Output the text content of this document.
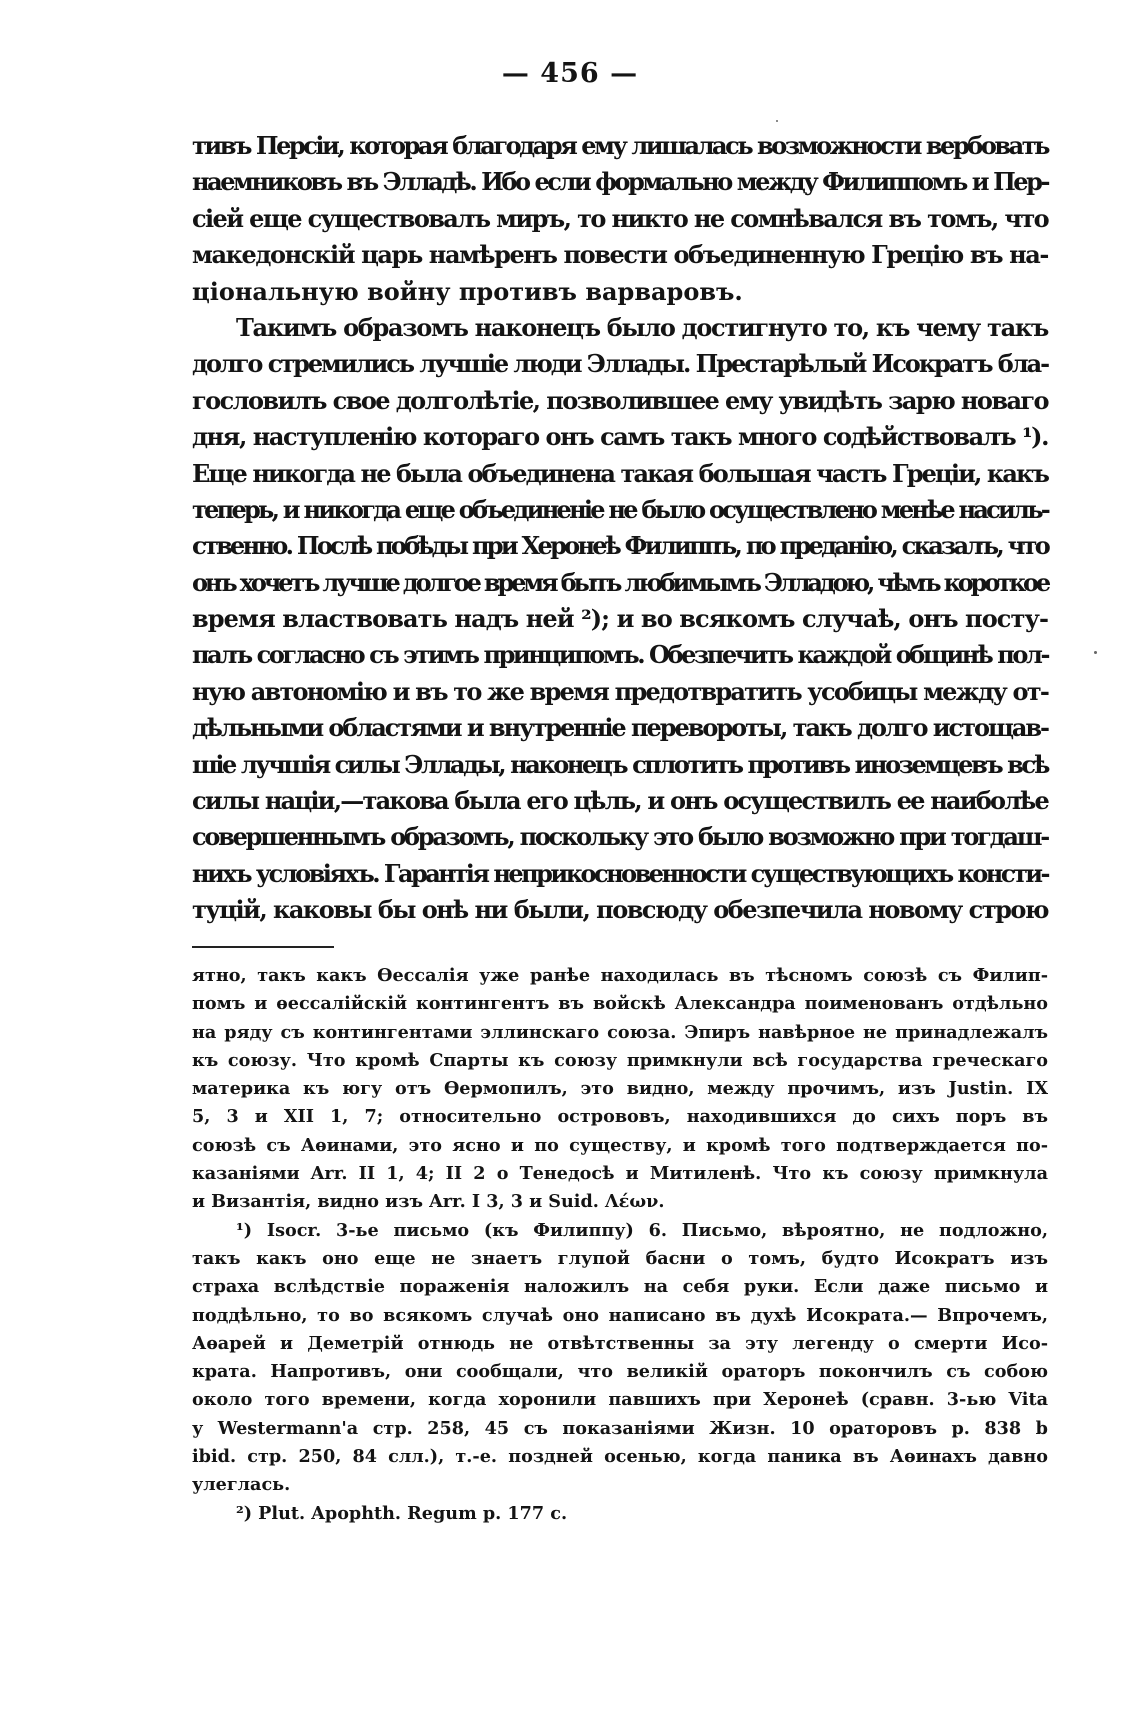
— 456 —
тивъ Персіи, которая благодаря ему лишалась возможности вербовать
наемниковъ въ Элладѣ. Ибо если формально между Филиппомъ и Пер-
сіей еще существовалъ миръ, то никто не сомнѣвался въ томъ, что
македонскій царь намѣренъ повести объединенную Грецію въ на-
ціональную войну противъ варваровъ.
Такимъ образомъ наконецъ было достигнуто то, къ чему такъ
долго стремились лучшіе люди Эллады. Престарѣлый Исократъ бла-
гословилъ свое долголѣтіе, позволившее ему увидѣть зарю новаго
дня, наступленію котораго онъ самъ такъ много содѣйствовалъ ¹).
Еще никогда не была объединена такая большая часть Греціи, какъ
теперь, и никогда еще объединеніе не было осуществлено менѣе насиль-
ственно. Послѣ побѣды при Херонеѣ Филиппъ, по преданію, сказалъ, что
онъ хочетъ лучше долгое время быть любимымъ Элладою, чѣмъ короткое
время властвовать надъ ней ²); и во всякомъ случаѣ, онъ посту-
палъ согласно съ этимъ принципомъ. Обезпечить каждой общинѣ пол-
ную автономію и въ то же время предотвратить усобицы между от-
дѣльными областями и внутренніе перевороты, такъ долго истощав-
шіе лучшія силы Эллады, наконецъ сплотить противъ иноземцевъ всѣ
силы націи,—такова была его цѣль, и онъ осуществилъ ее наиболѣе
совершеннымъ образомъ, поскольку это было возможно при тогдаш-
нихъ условіяхъ. Гарантія неприкосновенности существующихъ консти-
туцій, каковы бы онѣ ни были, повсюду обезпечила новому строю
ятно, такъ какъ Ѳессалія уже ранѣе находилась въ тѣсномъ союзѣ съ Филип-
помъ и ѳессалійскій контингентъ въ войскѣ Александра поименованъ отдѣльно
на ряду съ контингентами эллинскаго союза. Эпиръ навѣрное не принадлежалъ
къ союзу. Что кромѣ Спарты къ союзу примкнули всѣ государства греческаго
материка къ югу отъ Ѳермопилъ, это видно, между прочимъ, изъ Justin. IX
5, 3 и XII 1, 7; относительно острововъ, находившихся до сихъ поръ въ
союзѣ съ Аѳинами, это ясно и по существу, и кромѣ того подтверждается по-
казаніями Arr. II 1, 4; II 2 о Тенедосѣ и Митиленѣ. Что къ союзу примкнула
и Византія, видно изъ Arr. I 3, 3 и Suid. Λέων.
¹) Isocr. 3-ье письмо (къ Филиппу) 6. Письмо, вѣроятно, не подложно,
такъ какъ оно еще не знаетъ глупой басни о томъ, будто Исократъ изъ
страха вслѣдствіе пораженія наложилъ на себя руки. Если даже письмо и
поддѣльно, то во всякомъ случаѣ оно написано въ духѣ Исократа.— Впрочемъ,
Аѳарей и Деметрій отнюдь не отвѣтственны за эту легенду о смерти Исо-
крата. Напротивъ, они сообщали, что великій ораторъ покончилъ съ собою
около того времени, когда хоронили павшихъ при Херонеѣ (сравн. 3-ью Vita
у Westermann'а стр. 258, 45 съ показаніями Жизн. 10 ораторовъ p. 838 b
ibid. стр. 250, 84 слл.), т.-е. поздней осенью, когда паника въ Аѳинахъ давно
улеглась.
²) Plut. Apophth. Regum p. 177 c.
